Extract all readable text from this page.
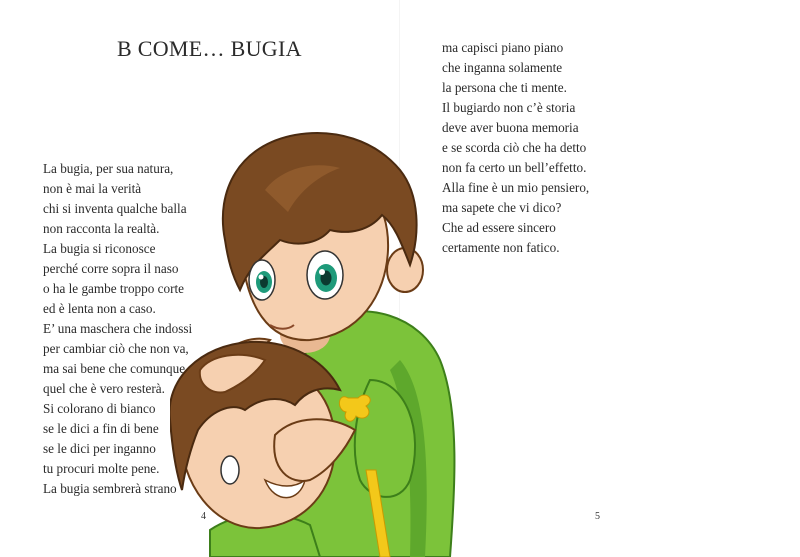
B COME… BUGIA
La bugia, per sua natura,
non è mai la verità
chi si inventa qualche balla
non racconta la realtà.
La bugia si riconosce
perché corre sopra il naso
o ha le gambe troppo corte
ed è lenta non a caso.
E’ una maschera che indossi
per cambiar ciò che non va,
ma sai bene che comunque
quel che è vero resterà.
Si colorano di bianco
se le dici a fin di bene
se le dici per inganno
tu procuri molte pene.
La bugia sembrerà strano
4
ma capisci piano piano
che inganna solamente
la persona che ti mente.
Il bugiardo non c’è storia
deve aver buona memoria
e se scorda ciò che ha detto
non fa certo un bell’effetto.
Alla fine è un mio pensiero,
ma sapete che vi dico?
Che ad essere sincero
certamente non fatico.
5
